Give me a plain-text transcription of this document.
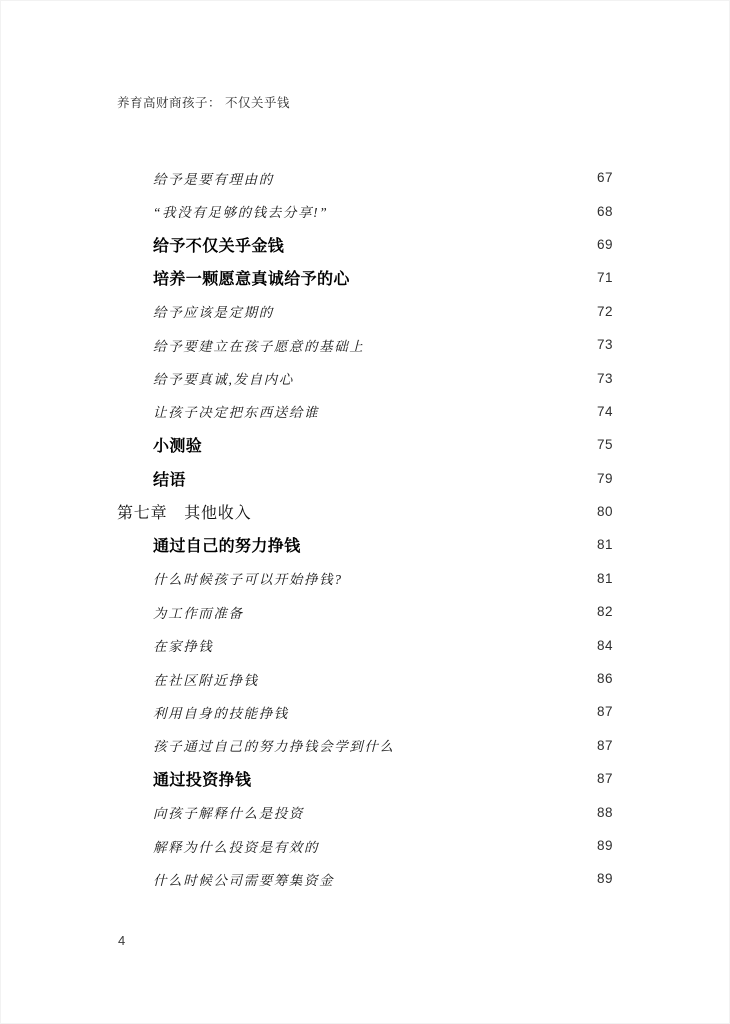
养育高财商孩子： 不仅关乎钱
给予是要有理由的	67
“我没有足够的钱去分享!”	68
给予不仅关乎金钱	69
培养一颗愿意真诚给予的心	71
给予应该是定期的	72
给予要建立在孩子愿意的基础上	73
给予要真诚,发自内心	73
让孩子决定把东西送给谁	74
小测验	75
结语	79
第七章　其他收入	80
通过自己的努力挣钱	81
什么时候孩子可以开始挣钱?	81
为工作而准备	82
在家挣钱	84
在社区附近挣钱	86
利用自身的技能挣钱	87
孩子通过自己的努力挣钱会学到什么	87
通过投资挣钱	87
向孩子解释什么是投资	88
解释为什么投资是有效的	89
什么时候公司需要筹集资金	89
4
